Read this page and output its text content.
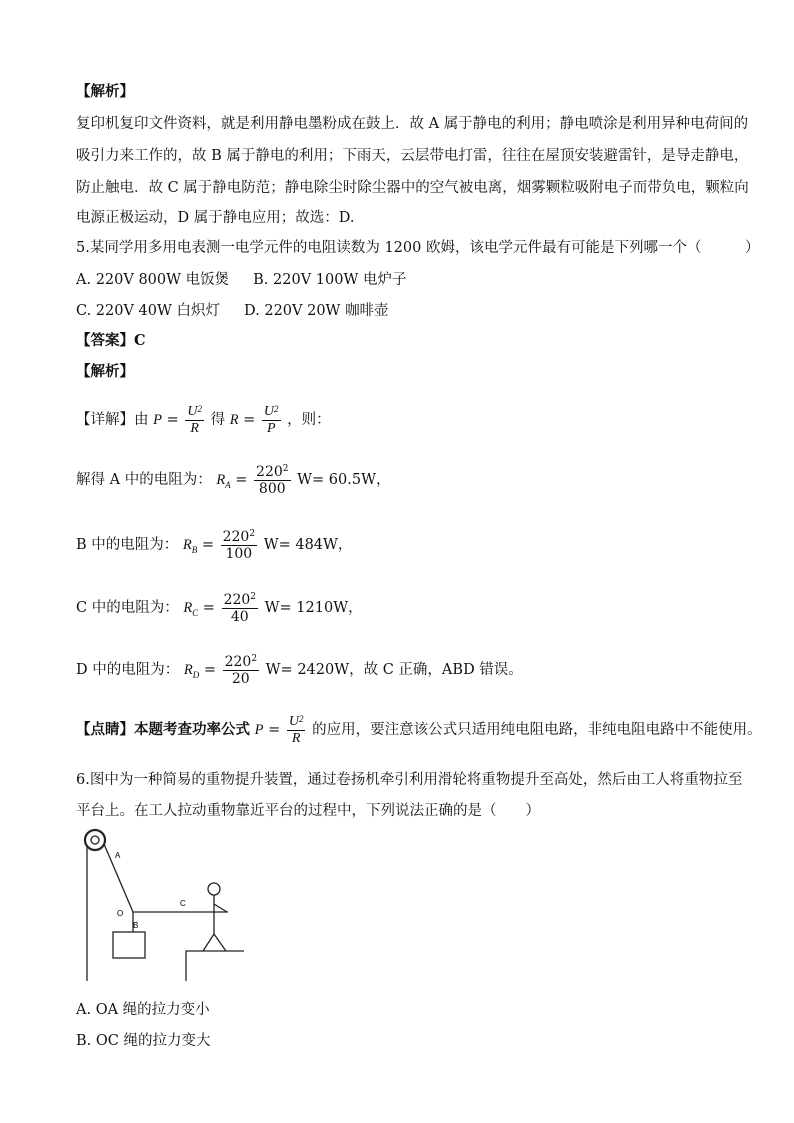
【解析】
复印机复印文件资料，就是利用静电墨粉成在鼓上．故 A 属于静电的利用；静电喷涂是利用异种电荷间的
吸引力来工作的，故 B 属于静电的利用；下雨天，云层带电打雷，往往在屋顶安装避雷针，是导走静电，
防止触电．故 C 属于静电防范；静电除尘时除尘器中的空气被电离，烟雾颗粒吸附电子而带负电，颗粒向
电源正极运动，D 属于静电应用；故选：D.
5.某同学用多用电表测一电学元件的电阻读数为 1200 欧姆，该电学元件最有可能是下列哪一个（　　　）
A. 220V 800W 电饭煲 B. 220V 100W 电炉子
C. 220V 40W 白炽灯 D. 220V 20W 咖啡壶
【答案】C
【解析】
【详解】由 $P = \frac{U^2}{R}$ 得 $R = \frac{U^2}{P}$ ，则：
解得 A 中的电阻为： $R_A = \frac{220^2}{800} W= 60.5W$，
B 中的电阻为： $R_B = \frac{220^2}{100} W= 484W$，
C 中的电阻为： $R_C = \frac{220^2}{40} W= 1210W$，
D 中的电阻为： $R_D = \frac{220^2}{20} W= 2420W$，故 C 正确，ABD 错误。
【点睛】本题考查功率公式 $P = \frac{U^2}{R}$ 的应用，要注意该公式只适用纯电阻电路，非纯电阻电路中不能使用。
6.图中为一种简易的重物提升装置，通过卷扬机牵引利用滑轮将重物提升至高处，然后由工人将重物拉至
平台上。在工人拉动重物靠近平台的过程中，下列说法正确的是（　　）
A
O
B
C
A. OA 绳的拉力变小
B. OC 绳的拉力变大
